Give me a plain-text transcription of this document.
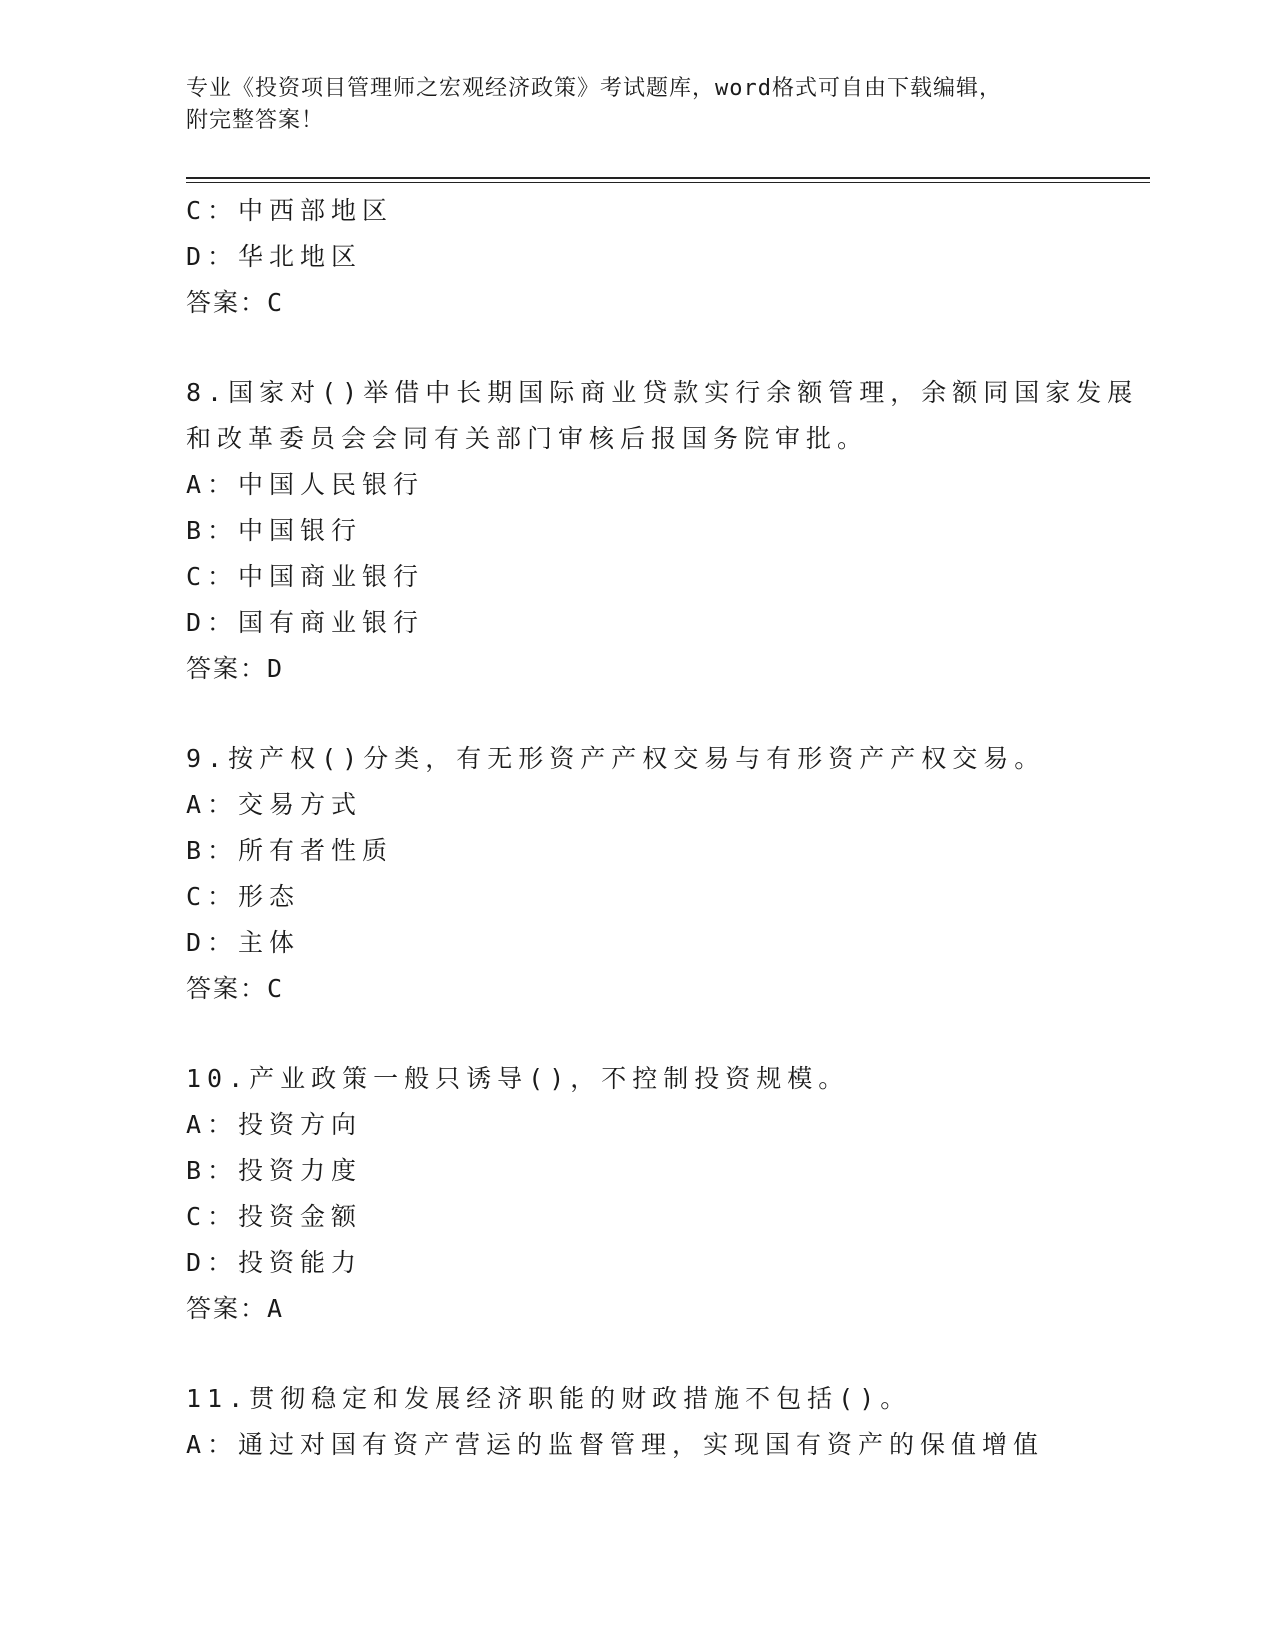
专业《投资项目管理师之宏观经济政策》考试题库，word格式可自由下载编辑，
附完整答案！
C：中西部地区
D：华北地区
答案：C
8.国家对()举借中长期国际商业贷款实行余额管理，余额同国家发展
和改革委员会会同有关部门审核后报国务院审批。
A：中国人民银行
B：中国银行
C：中国商业银行
D：国有商业银行
答案：D
9.按产权()分类，有无形资产产权交易与有形资产产权交易。
A：交易方式
B：所有者性质
C：形态
D：主体
答案：C
10.产业政策一般只诱导()，不控制投资规模。
A：投资方向
B：投资力度
C：投资金额
D：投资能力
答案：A
11.贯彻稳定和发展经济职能的财政措施不包括()。
A：通过对国有资产营运的监督管理，实现国有资产的保值增值
